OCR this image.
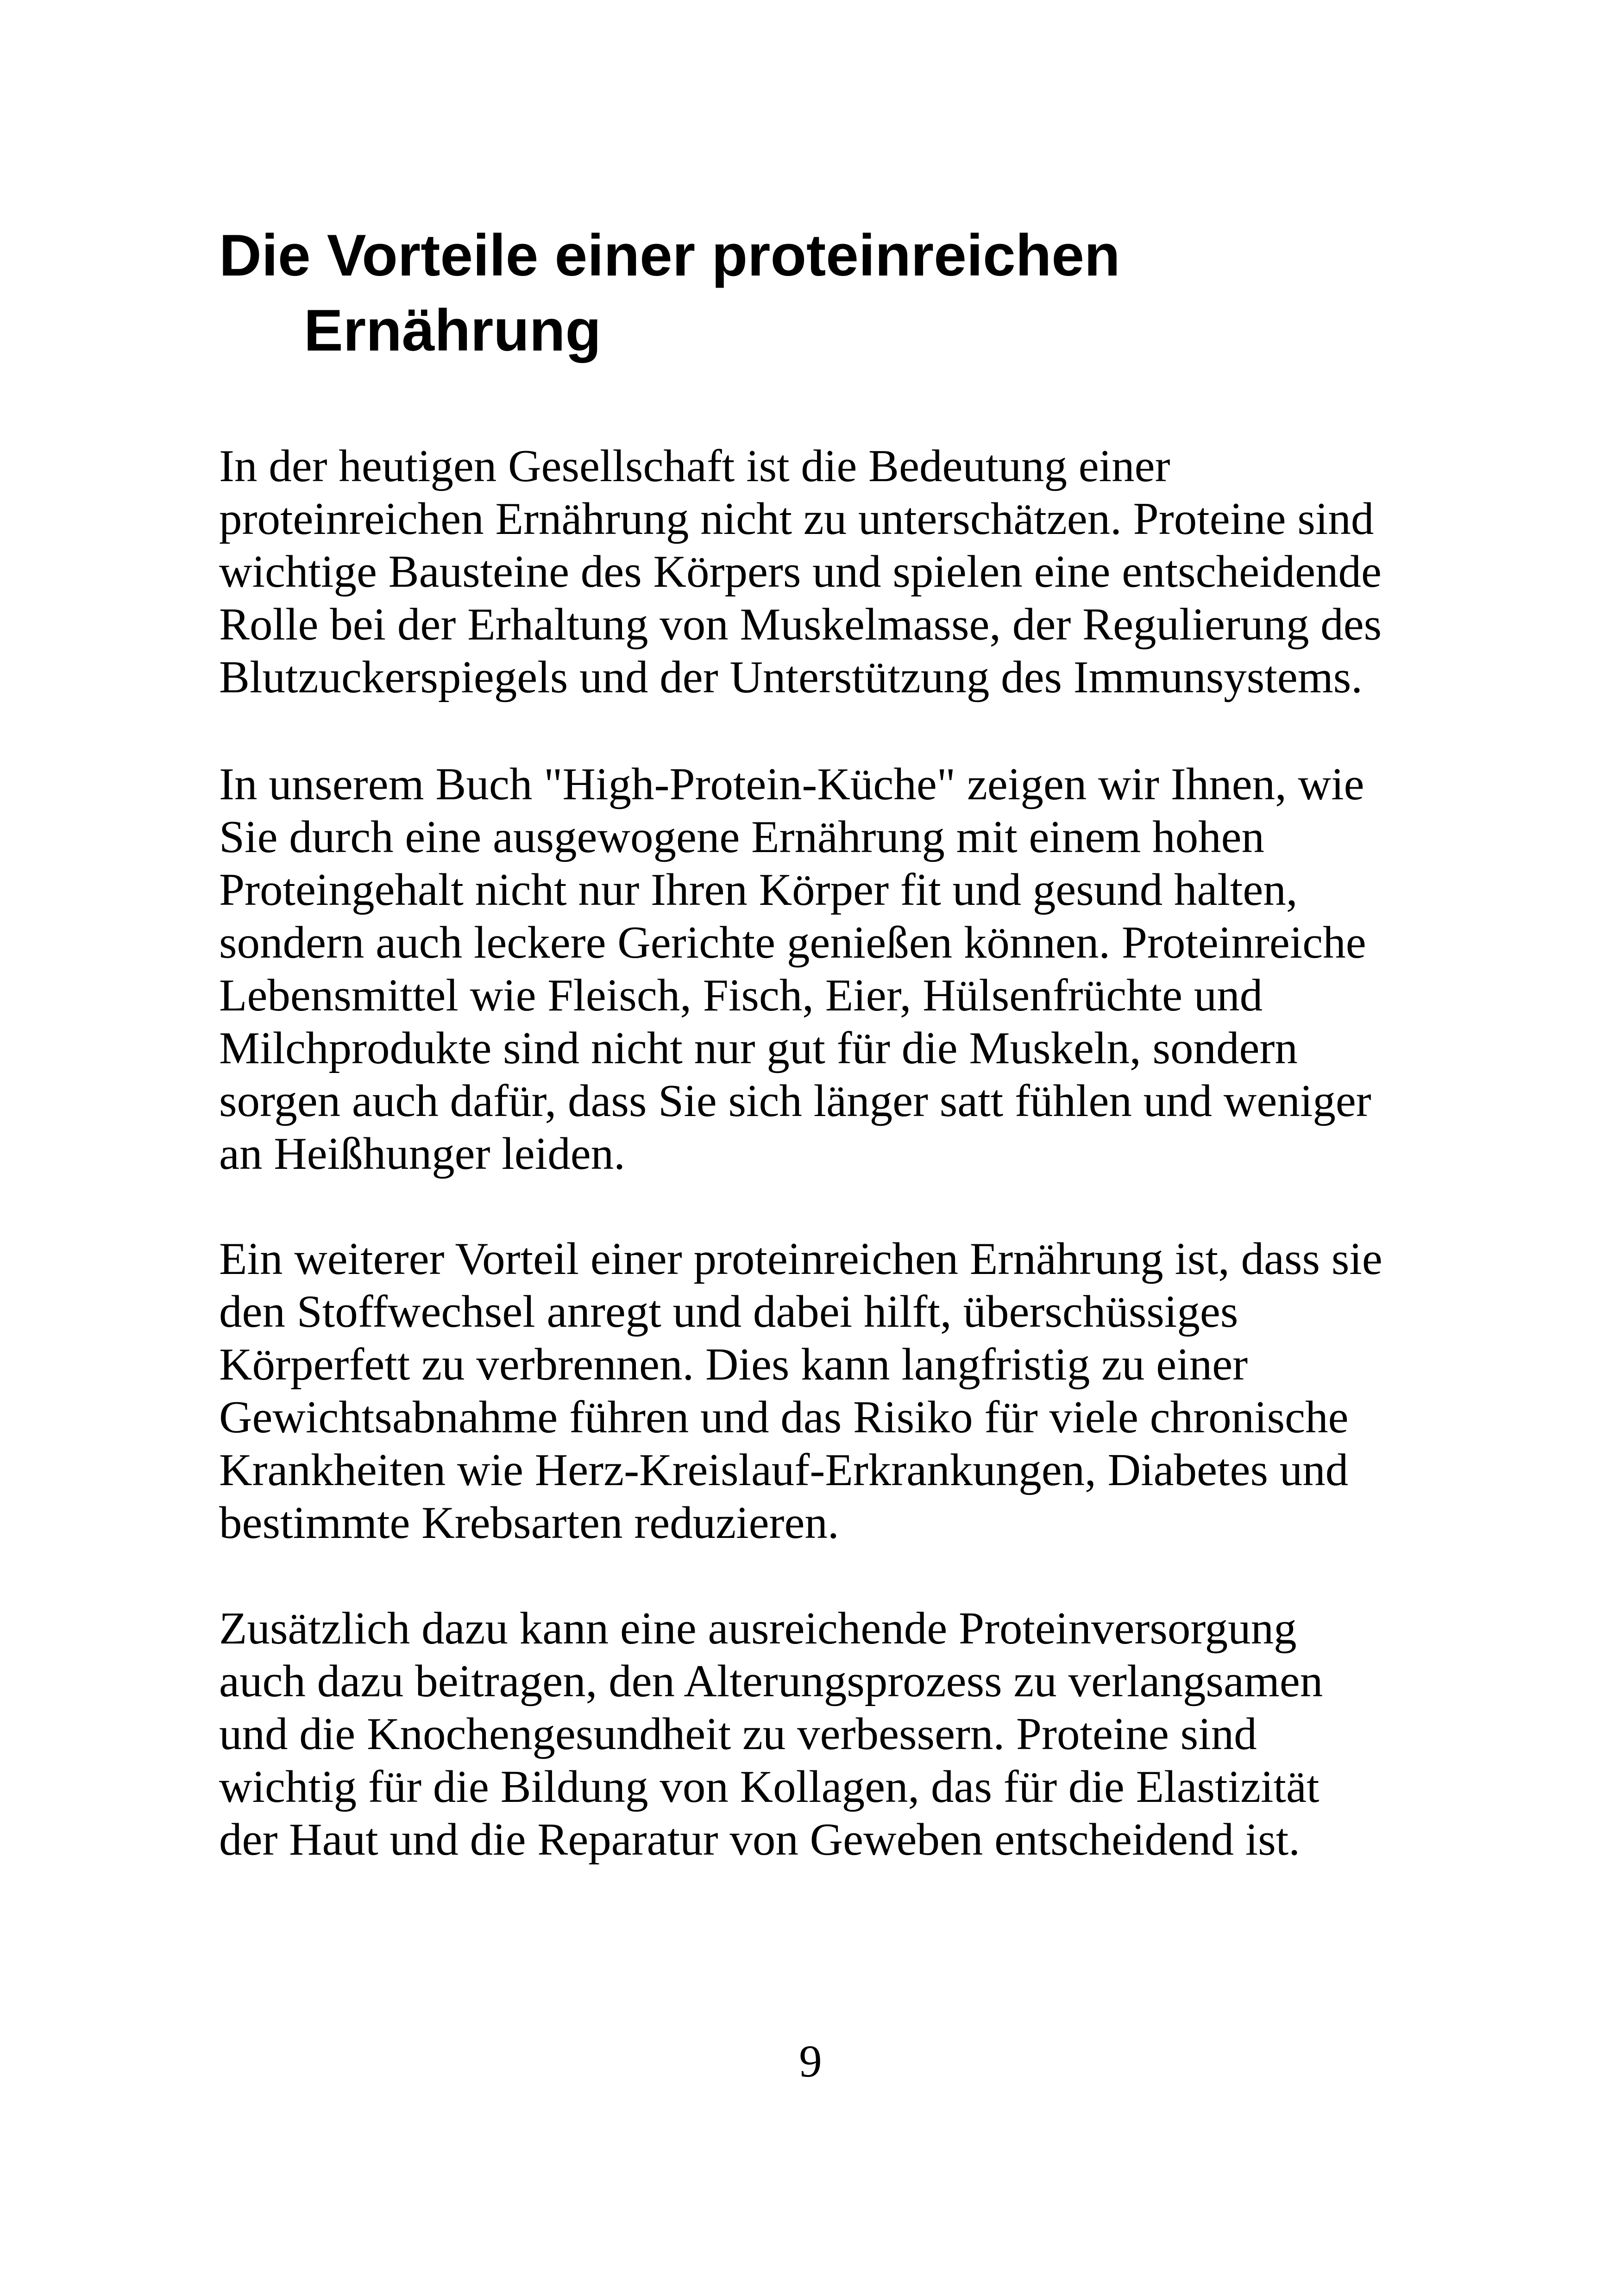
Die Vorteile einer proteinreichen
Ernährung

In der heutigen Gesellschaft ist die Bedeutung einer
proteinreichen Ernährung nicht zu unterschätzen. Proteine sind
wichtige Bausteine des Körpers und spielen eine entscheidende
Rolle bei der Erhaltung von Muskelmasse, der Regulierung des
Blutzuckerspiegels und der Unterstützung des Immunsystems.

In unserem Buch "High-Protein-Küche" zeigen wir Ihnen, wie
Sie durch eine ausgewogene Ernährung mit einem hohen
Proteingehalt nicht nur Ihren Körper fit und gesund halten,
sondern auch leckere Gerichte genießen können. Proteinreiche
Lebensmittel wie Fleisch, Fisch, Eier, Hülsenfrüchte und
Milchprodukte sind nicht nur gut für die Muskeln, sondern
sorgen auch dafür, dass Sie sich länger satt fühlen und weniger
an Heißhunger leiden.

Ein weiterer Vorteil einer proteinreichen Ernährung ist, dass sie
den Stoffwechsel anregt und dabei hilft, überschüssiges
Körperfett zu verbrennen. Dies kann langfristig zu einer
Gewichtsabnahme führen und das Risiko für viele chronische
Krankheiten wie Herz-Kreislauf-Erkrankungen, Diabetes und
bestimmte Krebsarten reduzieren.

Zusätzlich dazu kann eine ausreichende Proteinversorgung
auch dazu beitragen, den Alterungsprozess zu verlangsamen
und die Knochengesundheit zu verbessern. Proteine sind
wichtig für die Bildung von Kollagen, das für die Elastizität
der Haut und die Reparatur von Geweben entscheidend ist.

9
